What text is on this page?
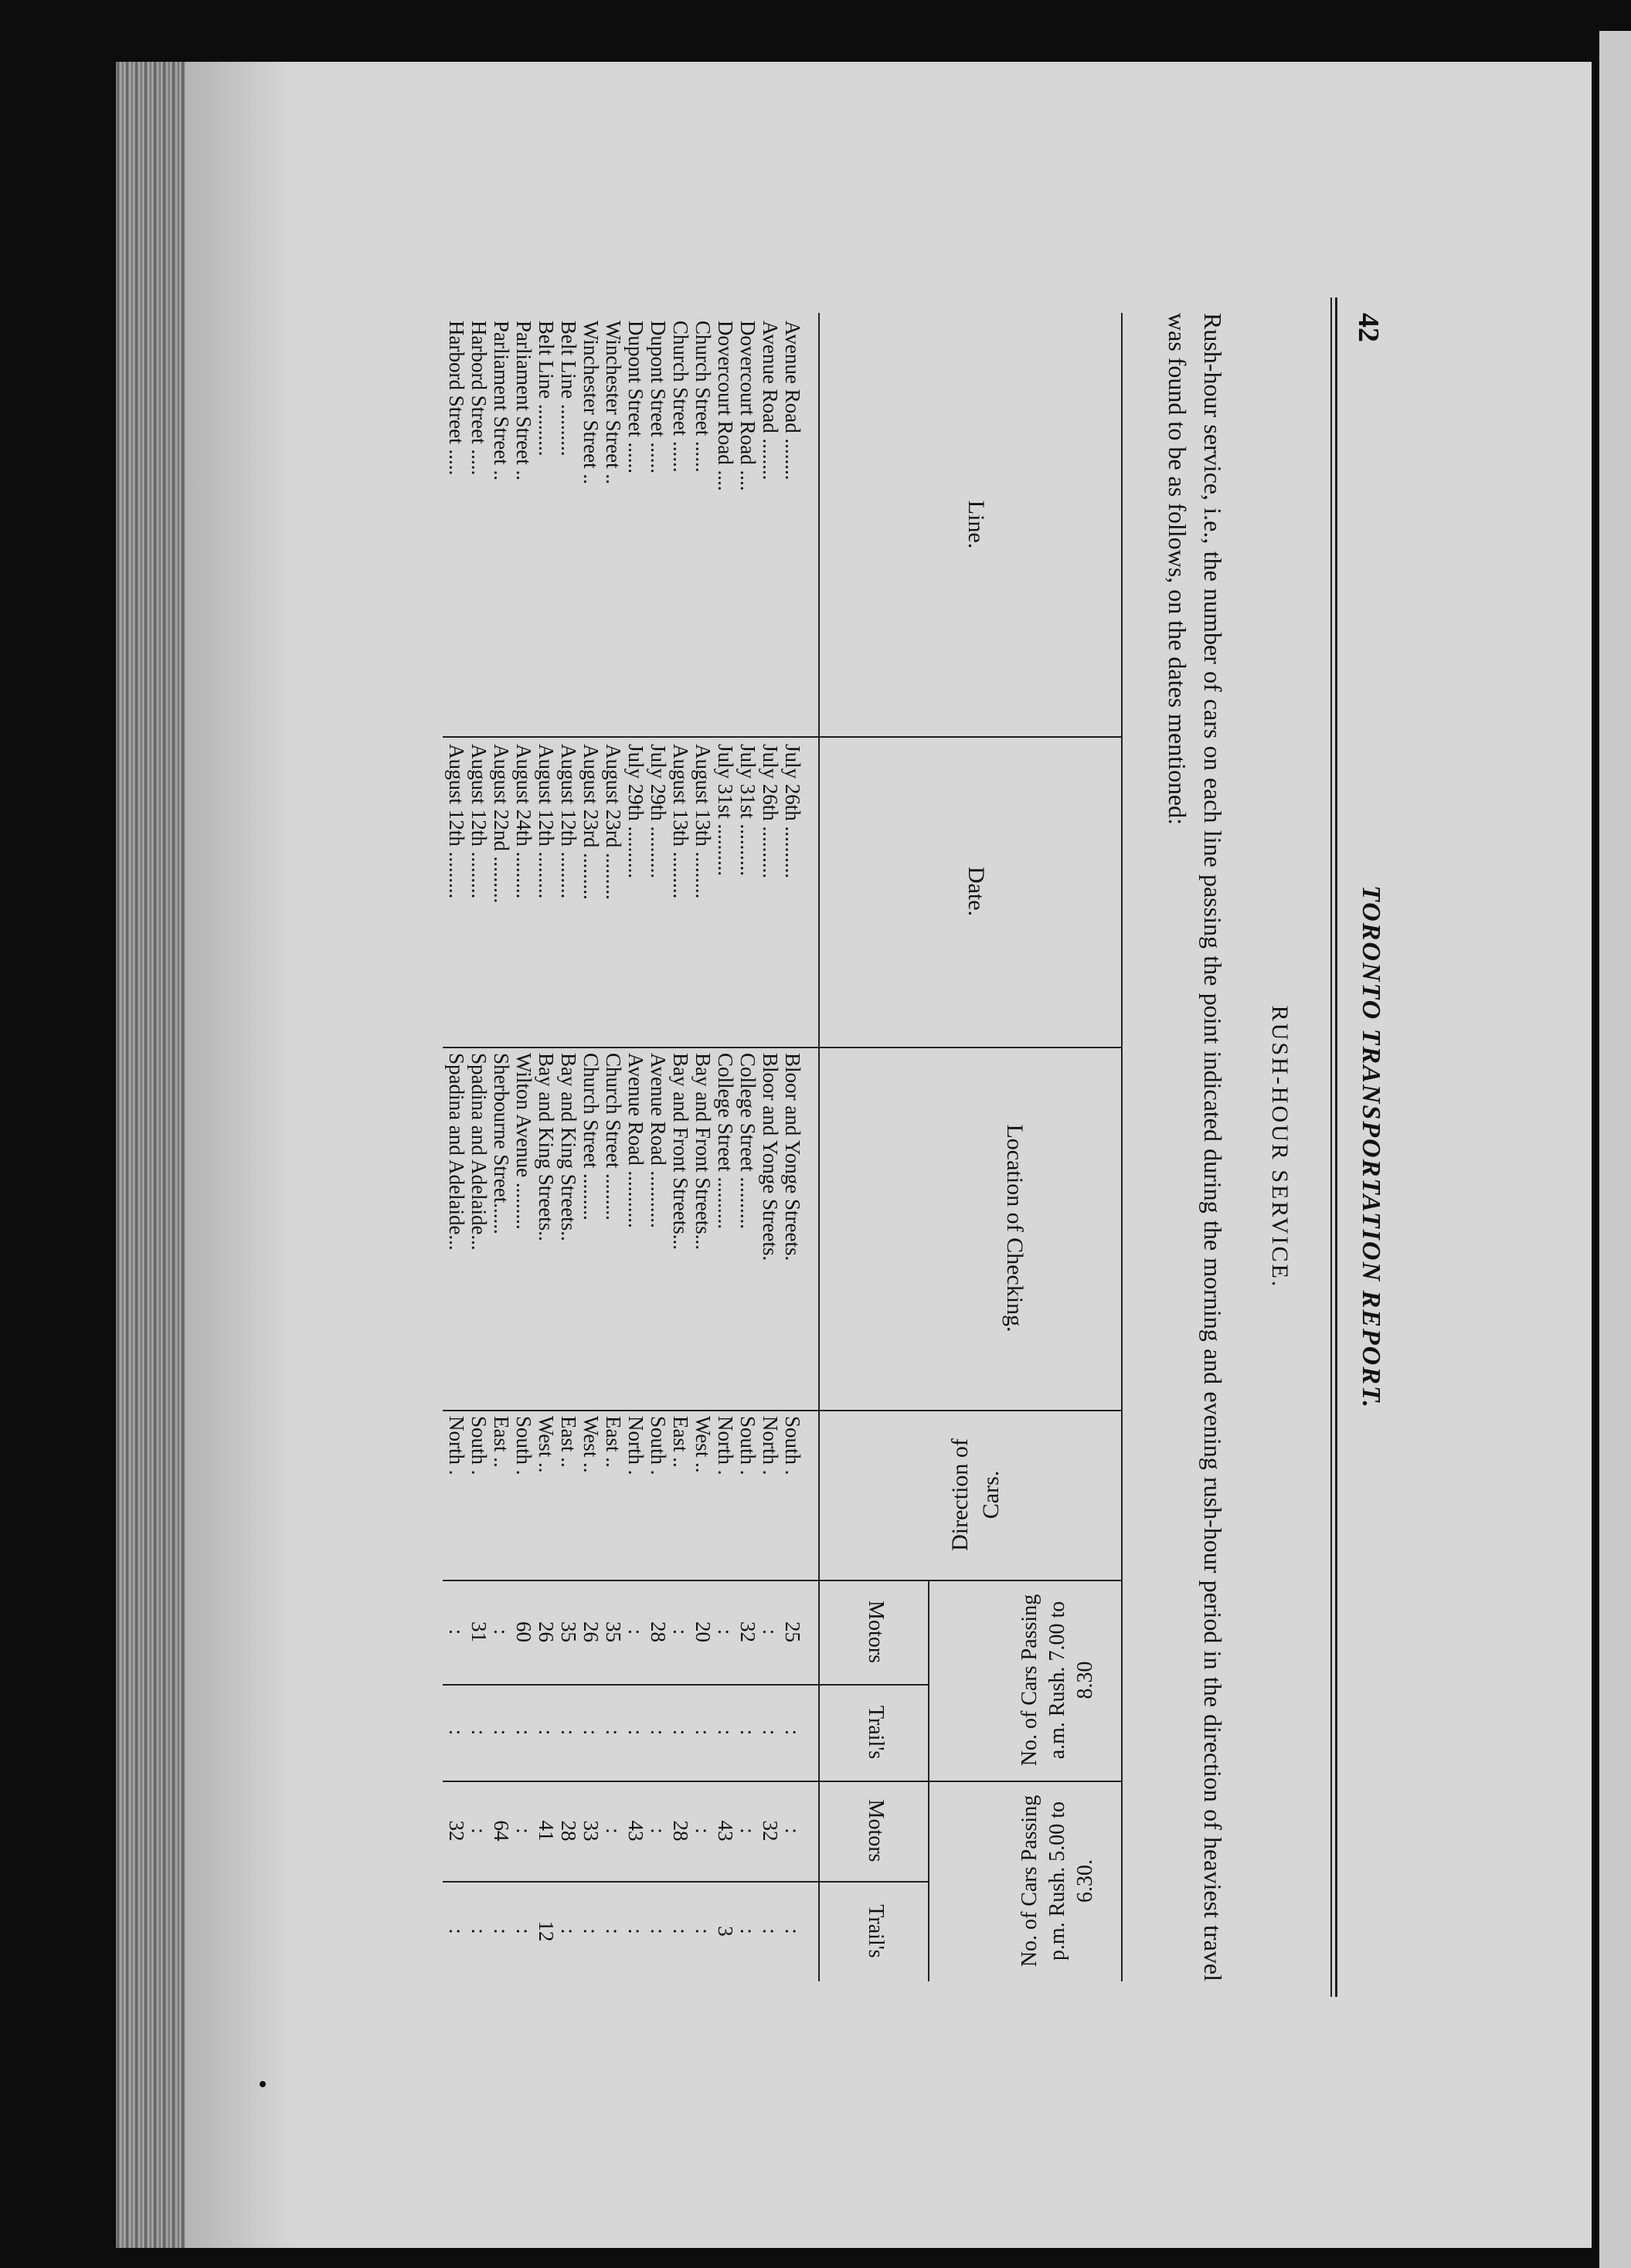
42
TORONTO TRANSPORTATION REPORT.
RUSH-HOUR SERVICE.
Rush-hour service, i.e., the number of cars on each line passing the point indicated during the morning and evening rush-hour period in the direction of heaviest travel was found to be as follows, on the dates mentioned:
Line.
Date.
Location of Checking.
Direction of Cars.
No. of Cars Passing a.m. Rush. 7.00 to 8.30
No. of Cars Passing p.m. Rush. 5.00 to 6.30.
Motors
Trail's
Motors
Trail's
Avenue Road ........
July 26th ..........
Bloor and Yonge Streets.
South .
25
:
:
:
Avenue Road ........
July 26th ..........
Bloor and Yonge Streets.
North .
:
:
32
:
Dovercourt Road ....
July 31st ..........
College Street ..........
South .
32
:
:
:
Dovercourt Road ....
July 31st ..........
College Street ..........
North .
:
:
43
3
Church Street ......
August 13th .........
Bay and Front Streets...
West ..
20
:
:
:
Church Street ......
August 13th .........
Bay and Front Streets...
East ..
:
:
28
:
Dupont Street ......
July 29th ..........
Avenue Road ...........
South .
28
:
:
:
Dupont Street ......
July 29th ..........
Avenue Road ...........
North .
:
:
43
:
Winchester Street ..
August 23rd .........
Church Street .........
East ..
35
:
:
:
Winchester Street ..
August 23rd .........
Church Street .........
West ..
26
:
33
:
Belt Line ..........
August 12th .........
Bay and King Streets..
East ..
35
:
28
:
Belt Line ..........
August 12th .........
Bay and King Streets..
West ..
26
:
41
12
Parliament Street ..
August 24th .........
Wilton Avenue .........
South .
60
:
:
:
Parliament Street ..
August 22nd .........
Sherbourne Street......
East ..
:
:
64
:
Harbord Street .....
August 12th .........
Spadina and Adelaide...
South .
31
:
:
:
Harbord Street .....
August 12th .........
Spadina and Adelaide...
North .
:
:
32
:
